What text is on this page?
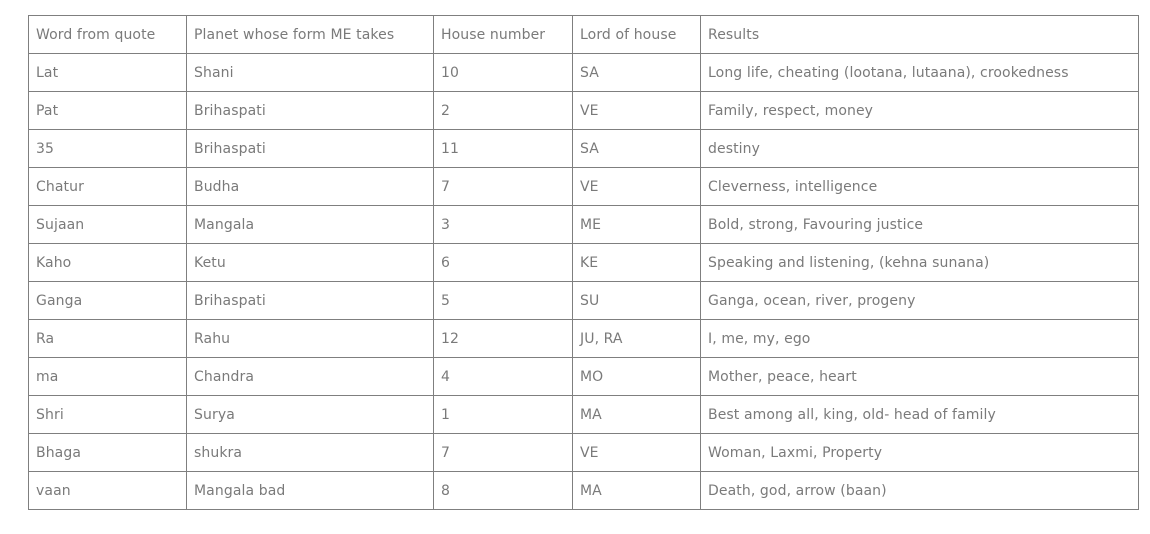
Word from quote	Planet whose form ME takes	House number	Lord of house	Results
Lat	Shani	10	SA	Long life, cheating (lootana, lutaana), crookedness
Pat	Brihaspati	2	VE	Family, respect, money
35	Brihaspati	11	SA	destiny
Chatur	Budha	7	VE	Cleverness, intelligence
Sujaan	Mangala	3	ME	Bold, strong, Favouring justice
Kaho	Ketu	6	KE	Speaking and listening, (kehna sunana)
Ganga	Brihaspati	5	SU	Ganga, ocean, river, progeny
Ra	Rahu	12	JU, RA	I, me, my, ego
ma	Chandra	4	MO	Mother, peace, heart
Shri	Surya	1	MA	Best among all, king, old- head of family
Bhaga	shukra	7	VE	Woman, Laxmi, Property
vaan	Mangala bad	8	MA	Death, god, arrow (baan)
